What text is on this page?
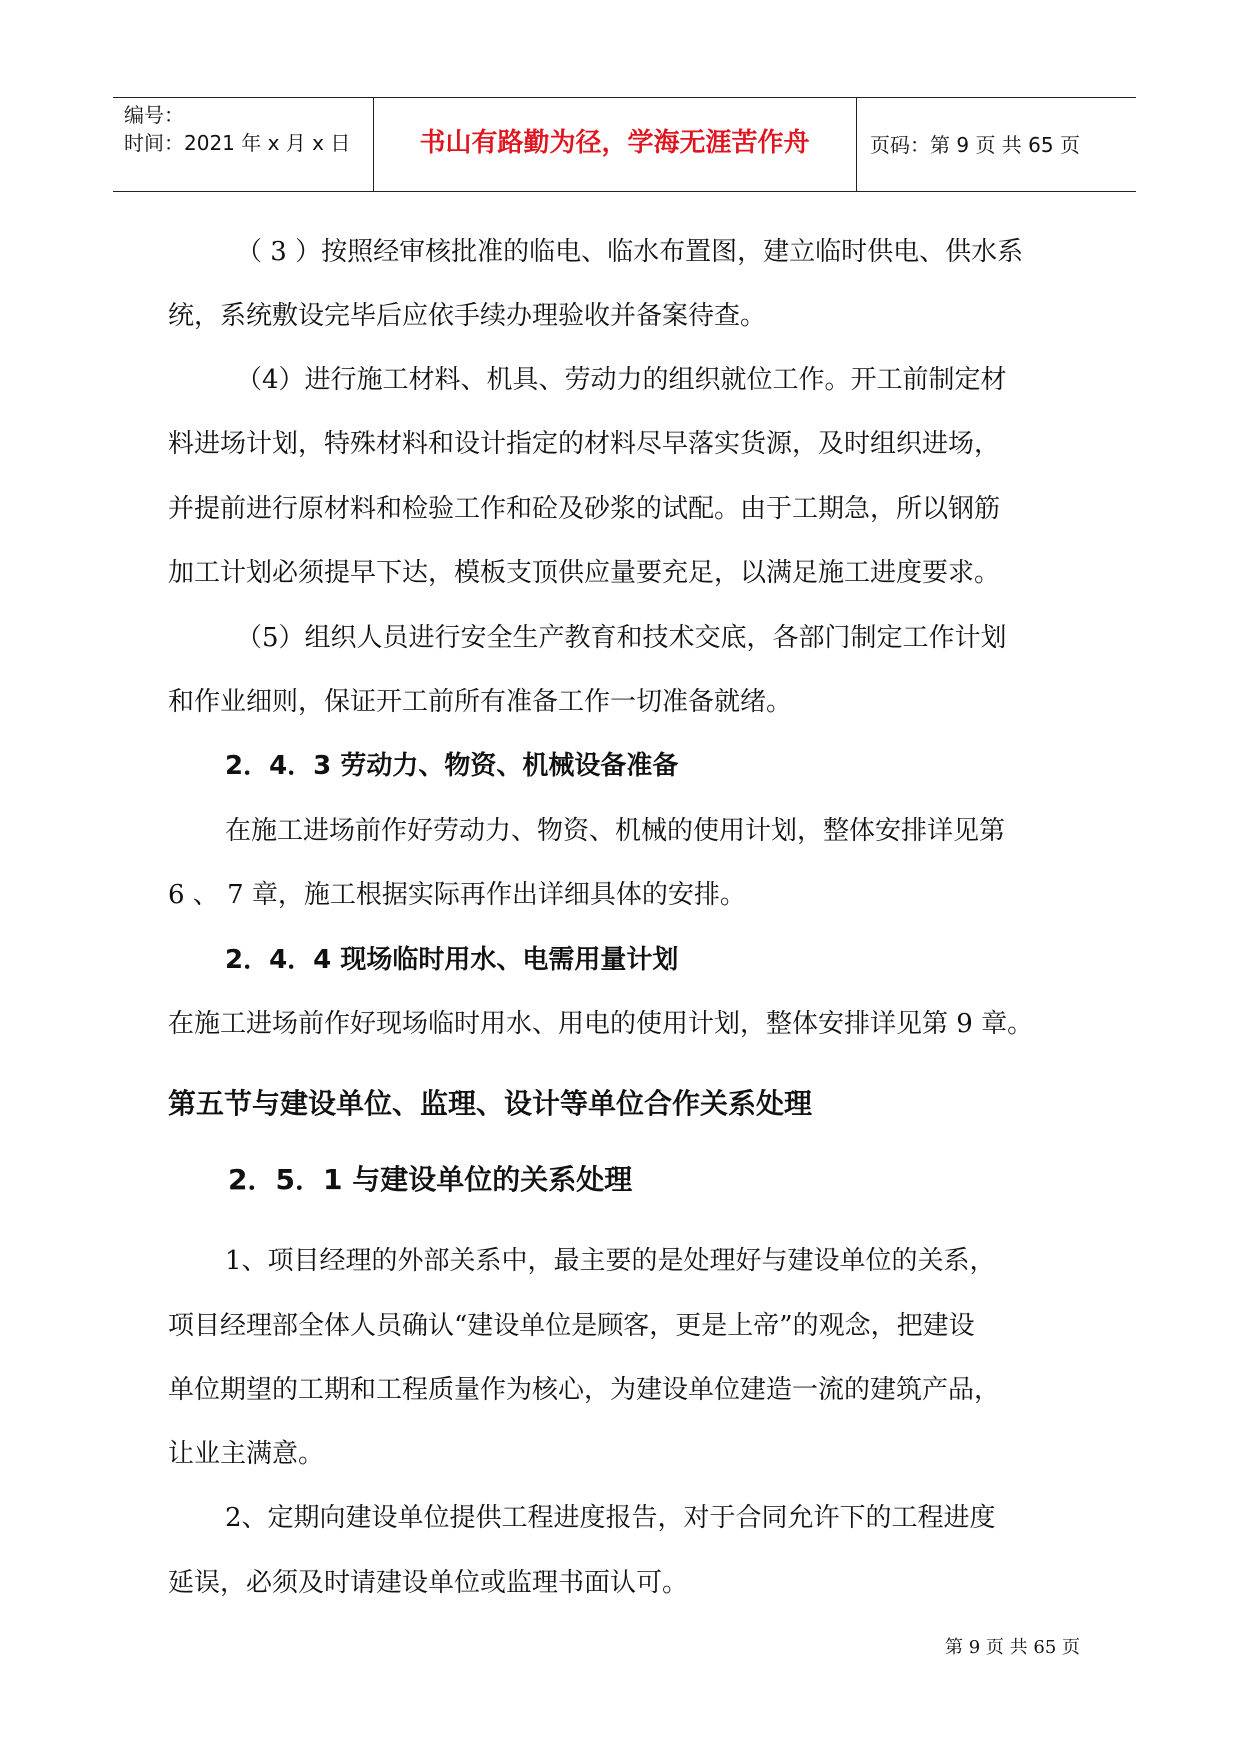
编号：
时间：2021 年 x 月 x 日	书山有路勤为径，学海无涯苦作舟	页码：第 9 页 共 65 页
（ 3 ）按照经审核批准的临电、临水布置图，建立临时供电、供水系
统，系统敷设完毕后应依手续办理验收并备案待查。
（4）进行施工材料、机具、劳动力的组织就位工作。开工前制定材
料进场计划，特殊材料和设计指定的材料尽早落实货源，及时组织进场，
并提前进行原材料和检验工作和砼及砂浆的试配。由于工期急，所以钢筋
加工计划必须提早下达，模板支顶供应量要充足，以满足施工进度要求。
（5）组织人员进行安全生产教育和技术交底，各部门制定工作计划
和作业细则，保证开工前所有准备工作一切准备就绪。
2．4．3 劳动力、物资、机械设备准备
在施工进场前作好劳动力、物资、机械的使用计划，整体安排详见第
6 、 7 章，施工根据实际再作出详细具体的安排。
2．4．4 现场临时用水、电需用量计划
在施工进场前作好现场临时用水、用电的使用计划，整体安排详见第 9 章。
第五节与建设单位、监理、设计等单位合作关系处理
2．5．1 与建设单位的关系处理
1、项目经理的外部关系中，最主要的是处理好与建设单位的关系，
项目经理部全体人员确认“建设单位是顾客，更是上帝”的观念，把建设
单位期望的工期和工程质量作为核心，为建设单位建造一流的建筑产品，
让业主满意。
2、定期向建设单位提供工程进度报告，对于合同允许下的工程进度
延误，必须及时请建设单位或监理书面认可。
第 9 页 共 65 页
